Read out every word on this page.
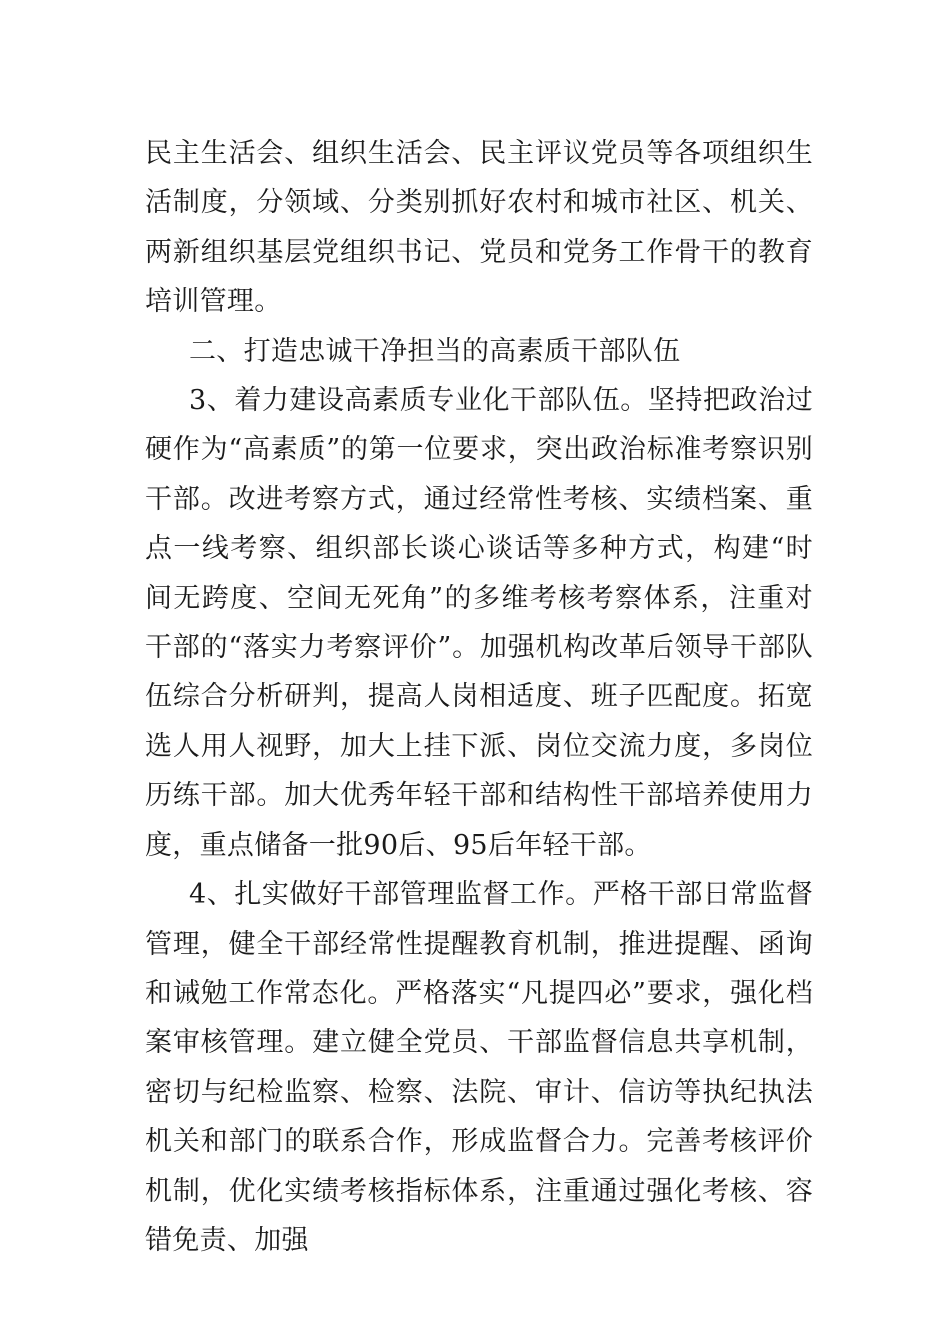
民主生活会、组织生活会、民主评议党员等各项组织生活制度，分领域、分类别抓好农村和城市社区、机关、两新组织基层党组织书记、党员和党务工作骨干的教育培训管理。

二、打造忠诚干净担当的高素质干部队伍

3、着力建设高素质专业化干部队伍。坚持把政治过硬作为“高素质”的第一位要求，突出政治标准考察识别干部。改进考察方式，通过经常性考核、实绩档案、重点一线考察、组织部长谈心谈话等多种方式，构建“时间无跨度、空间无死角”的多维考核考察体系，注重对干部的“落实力考察评价”。加强机构改革后领导干部队伍综合分析研判，提高人岗相适度、班子匹配度。拓宽选人用人视野，加大上挂下派、岗位交流力度，多岗位历练干部。加大优秀年轻干部和结构性干部培养使用力度，重点储备一批90后、95后年轻干部。

4、扎实做好干部管理监督工作。严格干部日常监督管理，健全干部经常性提醒教育机制，推进提醒、函询和诫勉工作常态化。严格落实“凡提四必”要求，强化档案审核管理。建立健全党员、干部监督信息共享机制，密切与纪检监察、检察、法院、审计、信访等执纪执法机关和部门的联系合作，形成监督合力。完善考核评价机制，优化实绩考核指标体系，注重通过强化考核、容错免责、加强
